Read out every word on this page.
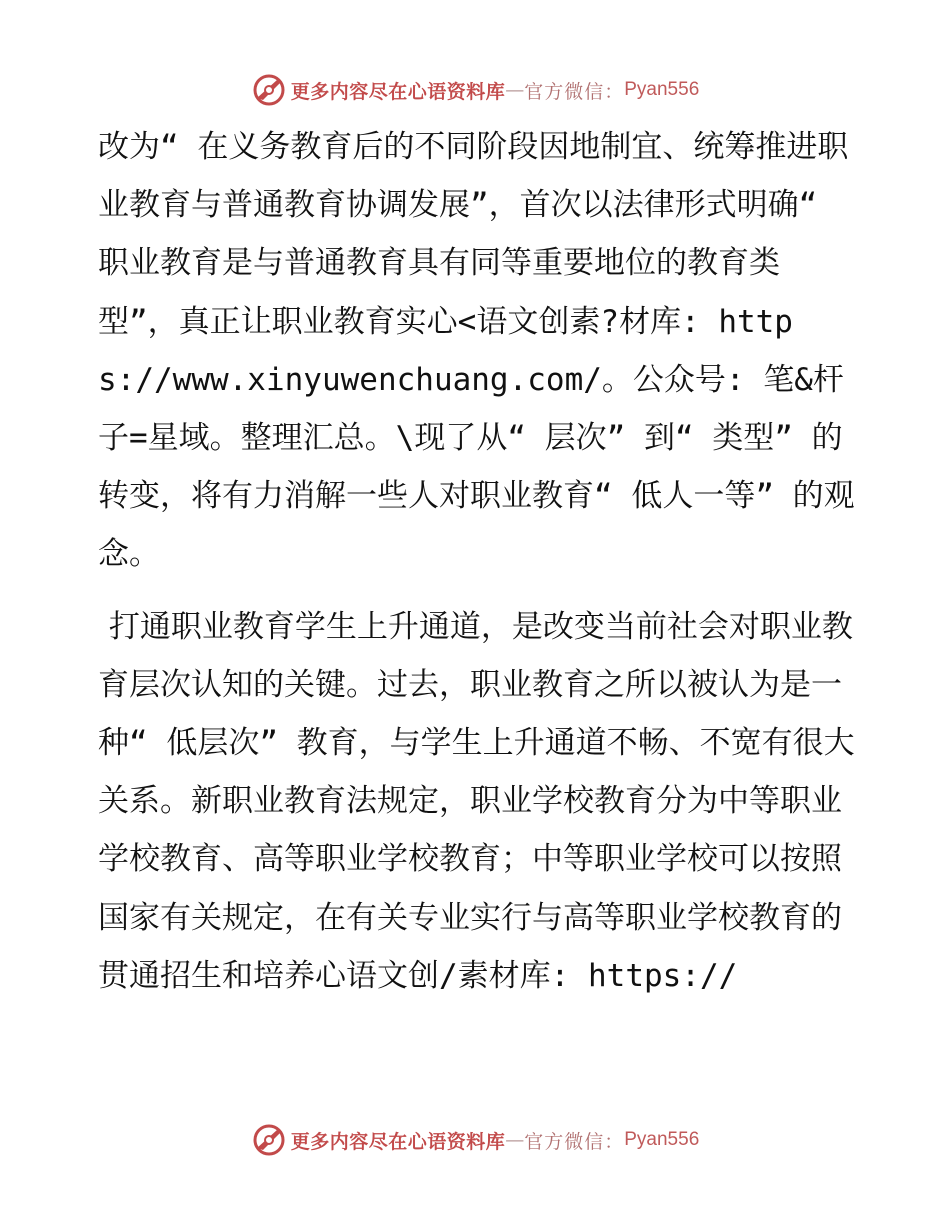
更多内容尽在心语资料库 — 官方微信： Pyan556

改为“ 在义务教育后的不同阶段因地制宜、统筹推进职业教育与普通教育协调发展”，首次以法律形式明确“ 职业教育是与普通教育具有同等重要地位的教育类型”，真正让职业教育实心<语文创素?材库: https://www.xinyuwenchuang.com/。公众号: 笔&杆子=星域。整理汇总。\现了从“ 层次” 到“ 类型” 的转变，将有力消解一些人对职业教育“ 低人一等” 的观念。

打通职业教育学生上升通道，是改变当前社会对职业教育层次认知的关键。过去，职业教育之所以被认为是一种“ 低层次” 教育，与学生上升通道不畅、不宽有很大关系。新职业教育法规定，职业学校教育分为中等职业学校教育、高等职业学校教育；中等职业学校可以按照国家有关规定，在有关专业实行与高等职业学校教育的贯通招生和培养心语文创/素材库: https://

更多内容尽在心语资料库 — 官方微信： Pyan556
